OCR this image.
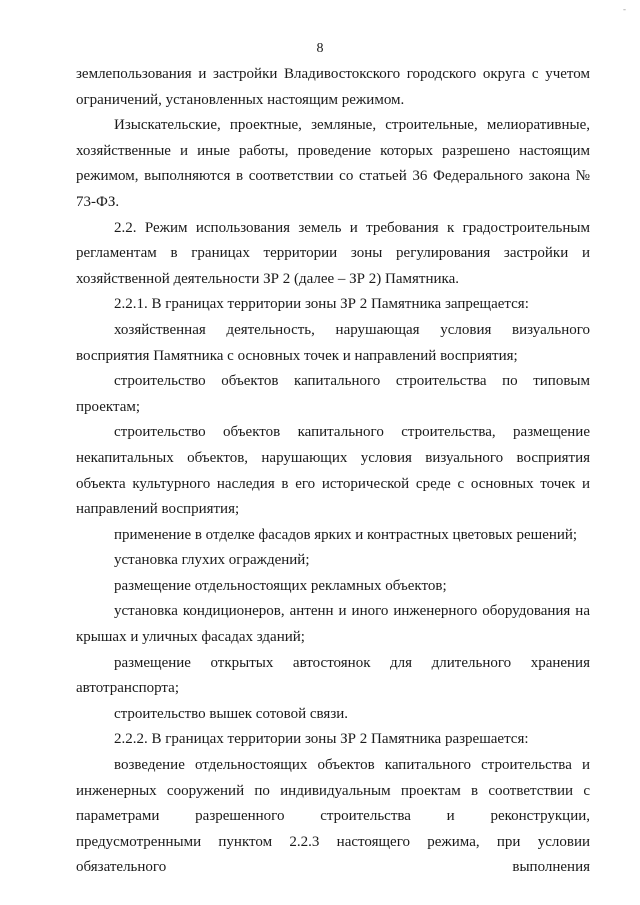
-
8

землепользования и застройки Владивостокского городского округа с учетом ограничений, установленных настоящим режимом.

Изыскательские, проектные, земляные, строительные, мелиоративные, хозяйственные и иные работы, проведение которых разрешено настоящим режимом, выполняются в соответствии со статьей 36 Федерального закона № 73-ФЗ.

2.2. Режим использования земель и требования к градостроительным регламентам в границах территории зоны регулирования застройки и хозяйственной деятельности ЗР 2 (далее – ЗР 2) Памятника.

2.2.1. В границах территории зоны ЗР 2 Памятника запрещается:

хозяйственная деятельность, нарушающая условия визуального восприятия Памятника с основных точек и направлений восприятия;

строительство объектов капитального строительства по типовым проектам;

строительство объектов капитального строительства, размещение некапитальных объектов, нарушающих условия визуального восприятия объекта культурного наследия в его исторической среде с основных точек и направлений восприятия;

применение в отделке фасадов ярких и контрастных цветовых решений;

установка глухих ограждений;

размещение отдельностоящих рекламных объектов;

установка кондиционеров, антенн и иного инженерного оборудования на крышах и уличных фасадах зданий;

размещение открытых автостоянок для длительного хранения автотранспорта;

строительство вышек сотовой связи.

2.2.2. В границах территории зоны ЗР 2 Памятника разрешается:

возведение отдельностоящих объектов капитального строительства и инженерных сооружений по индивидуальным проектам в соответствии с параметрами разрешенного строительства и реконструкции, предусмотренными пунктом 2.2.3 настоящего режима, при условии обязательного выполнения
